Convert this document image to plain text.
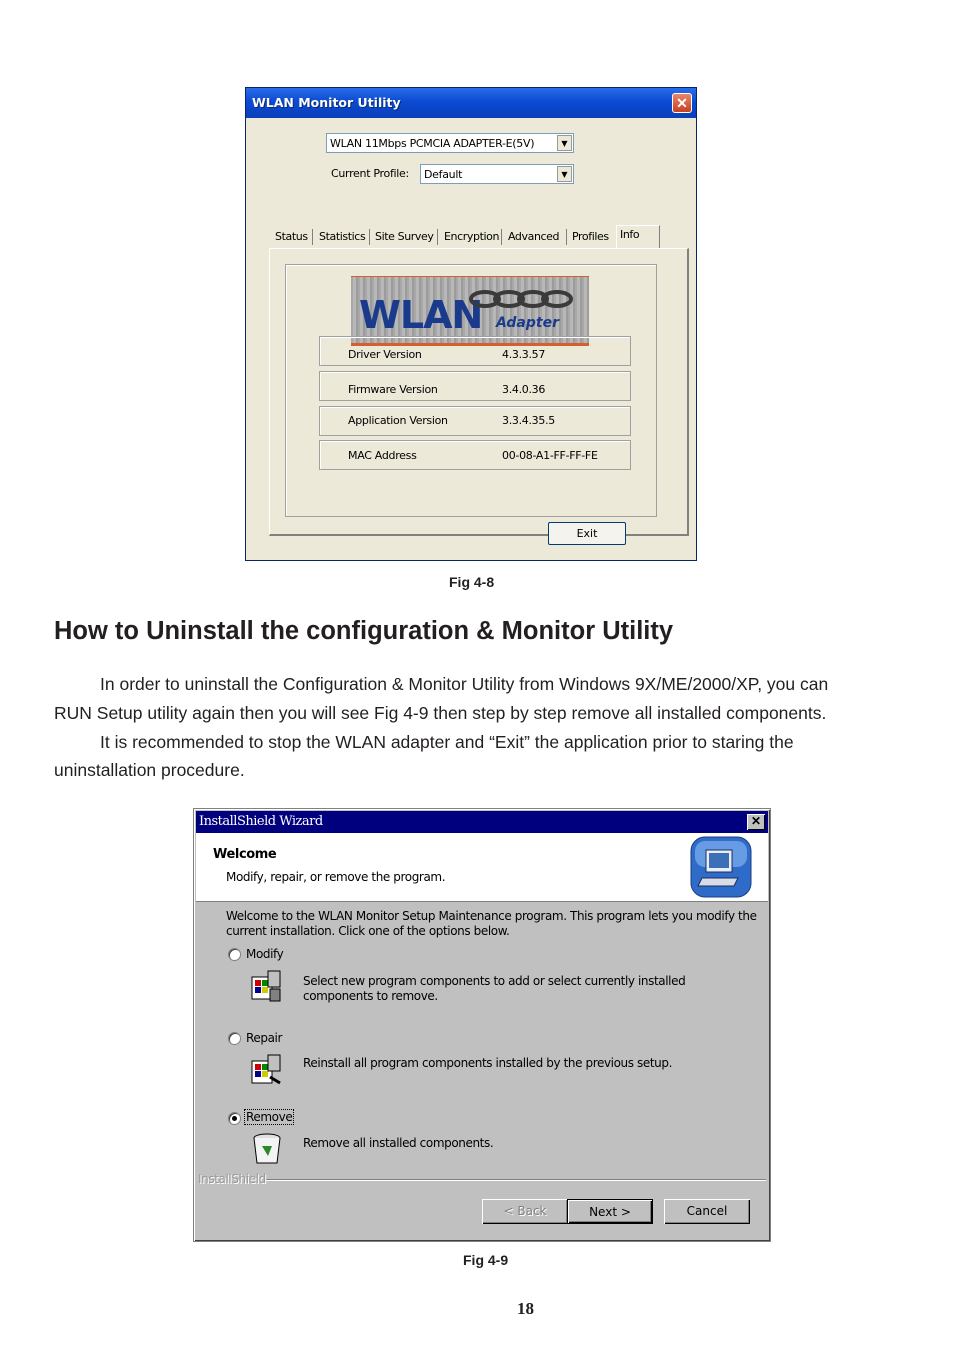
WLAN Monitor Utility	✕
WLAN 11Mbps PCMCIA ADAPTER-E(5V)	▼
Current Profile: Default	▼
Status Statistics Site Survey Encryption Advanced Profiles Info
WLAN Adapter
Driver Version	4.3.3.57
Firmware Version	3.4.0.36
Application Version	3.3.4.35.5
MAC Address	00-08-A1-FF-FF-FE
Exit
Fig 4-8
How to Uninstall the configuration & Monitor Utility
In order to uninstall the Configuration & Monitor Utility from Windows 9X/ME/2000/XP, you can
RUN Setup utility again then you will see Fig 4-9 then step by step remove all installed components.
It is recommended to stop the WLAN adapter and “Exit” the application prior to staring the
uninstallation procedure.
InstallShield Wizard	✕
Welcome
Modify, repair, or remove the program.
Welcome to the WLAN Monitor Setup Maintenance program. This program lets you modify the
current installation. Click one of the options below.
Modify
Select new program components to add or select currently installed
components to remove.
Repair
Reinstall all program components installed by the previous setup.
Remove
Remove all installed components.
InstallShield
< Back	Next >	Cancel
Fig 4-9
18
